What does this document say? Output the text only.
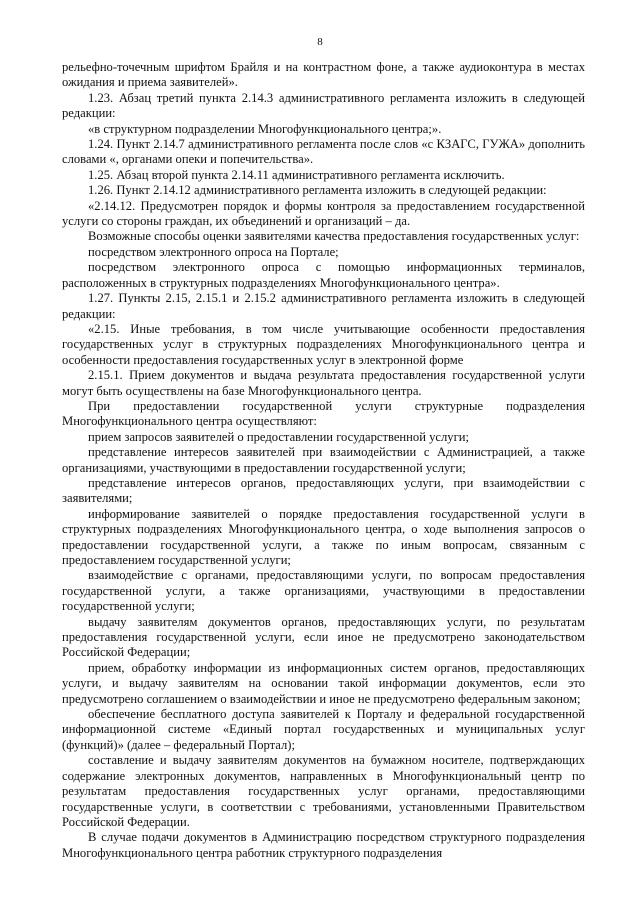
8

рельефно-точечным шрифтом Брайля и на контрастном фоне, а также аудиоконтура в местах ожидания и приема заявителей».

1.23. Абзац третий пункта 2.14.3 административного регламента изложить в следующей редакции:

«в структурном подразделении Многофункционального центра;».

1.24. Пункт 2.14.7 административного регламента после слов «с КЗАГС, ГУЖА» дополнить словами «, органами опеки и попечительства».

1.25. Абзац второй пункта 2.14.11 административного регламента исключить.

1.26. Пункт 2.14.12 административного регламента изложить в следующей редакции:

«2.14.12. Предусмотрен порядок и формы контроля за предоставлением государственной услуги со стороны граждан, их объединений и организаций – да.

Возможные способы оценки заявителями качества предоставления государственных услуг:

посредством электронного опроса на Портале;

посредством электронного опроса с помощью информационных терминалов, расположенных в структурных подразделениях Многофункционального центра».

1.27. Пункты 2.15, 2.15.1 и 2.15.2 административного регламента изложить в следующей редакции:

«2.15. Иные требования, в том числе учитывающие особенности предоставления государственных услуг в структурных подразделениях Многофункционального центра и особенности предоставления государственных услуг в электронной форме

2.15.1. Прием документов и выдача результата предоставления государственной услуги могут быть осуществлены на базе Многофункционального центра.

При предоставлении государственной услуги структурные подразделения Многофункционального центра осуществляют:

прием запросов заявителей о предоставлении государственной услуги;

представление интересов заявителей при взаимодействии с Администрацией, а также организациями, участвующими в предоставлении государственной услуги;

представление интересов органов, предоставляющих услуги, при взаимодействии с заявителями;

информирование заявителей о порядке предоставления государственной услуги в структурных подразделениях Многофункционального центра, о ходе выполнения запросов о предоставлении государственной услуги, а также по иным вопросам, связанным с предоставлением государственной услуги;

взаимодействие с органами, предоставляющими услуги, по вопросам предоставления государственной услуги, а также организациями, участвующими в предоставлении государственной услуги;

выдачу заявителям документов органов, предоставляющих услуги, по результатам предоставления государственной услуги, если иное не предусмотрено законодательством Российской Федерации;

прием, обработку информации из информационных систем органов, предоставляющих услуги, и выдачу заявителям на основании такой информации документов, если это предусмотрено соглашением о взаимодействии и иное не предусмотрено федеральным законом;

обеспечение бесплатного доступа заявителей к Порталу и федеральной государственной информационной системе «Единый портал государственных и муниципальных услуг (функций)» (далее – федеральный Портал);

составление и выдачу заявителям документов на бумажном носителе, подтверждающих содержание электронных документов, направленных в Многофункциональный центр по результатам предоставления государственных услуг органами, предоставляющими государственные услуги, в соответствии с требованиями, установленными Правительством Российской Федерации.

В случае подачи документов в Администрацию посредством структурного подразделения Многофункционального центра работник структурного подразделения
